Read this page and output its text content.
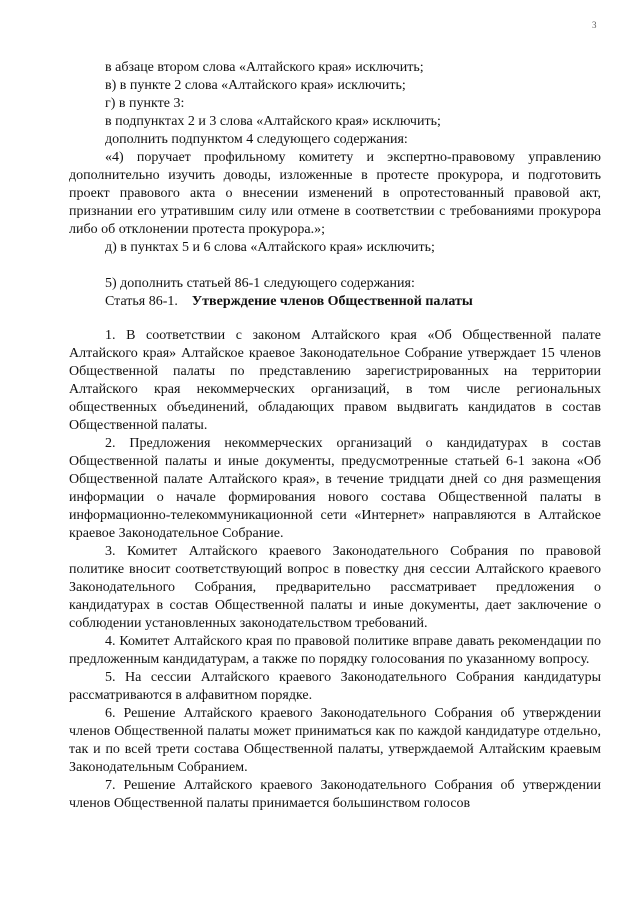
3

в абзаце втором слова «Алтайского края» исключить;

в) в пункте 2 слова «Алтайского края» исключить;

г) в пункте 3:

в подпунктах 2 и 3 слова «Алтайского края» исключить;

дополнить подпунктом 4 следующего содержания:

«4) поручает профильному комитету и экспертно-правовому управлению дополнительно изучить доводы, изложенные в протесте прокурора, и подготовить проект правового акта о внесении изменений в опротестованный правовой акт, признании его утратившим силу или отмене в соответствии с требованиями прокурора либо об отклонении протеста прокурора.»;

д) в пунктах 5 и 6 слова «Алтайского края» исключить;

5) дополнить статьей 86-1 следующего содержания:

Статья 86-1. Утверждение членов Общественной палаты

1. В соответствии с законом Алтайского края «Об Общественной палате Алтайского края» Алтайское краевое Законодательное Собрание утверждает 15 членов Общественной палаты по представлению зарегистрированных на территории Алтайского края некоммерческих организаций, в том числе региональных общественных объединений, обладающих правом выдвигать кандидатов в состав Общественной палаты.

2. Предложения некоммерческих организаций о кандидатурах в состав Общественной палаты и иные документы, предусмотренные статьей 6-1 закона «Об Общественной палате Алтайского края», в течение тридцати дней со дня размещения информации о начале формирования нового состава Общественной палаты в информационно-телекоммуникационной сети «Интернет» направляются в Алтайское краевое Законодательное Собрание.

3. Комитет Алтайского краевого Законодательного Собрания по правовой политике вносит соответствующий вопрос в повестку дня сессии Алтайского краевого Законодательного Собрания, предварительно рассматривает предложения о кандидатурах в состав Общественной палаты и иные документы, дает заключение о соблюдении установленных законодательством требований.

4. Комитет Алтайского края по правовой политике вправе давать рекомендации по предложенным кандидатурам, а также по порядку голосования по указанному вопросу.

5. На сессии Алтайского краевого Законодательного Собрания кандидатуры рассматриваются в алфавитном порядке.

6. Решение Алтайского краевого Законодательного Собрания об утверждении членов Общественной палаты может приниматься как по каждой кандидатуре отдельно, так и по всей трети состава Общественной палаты, утверждаемой Алтайским краевым Законодательным Собранием.

7. Решение Алтайского краевого Законодательного Собрания об утверждении членов Общественной палаты принимается большинством голосов
